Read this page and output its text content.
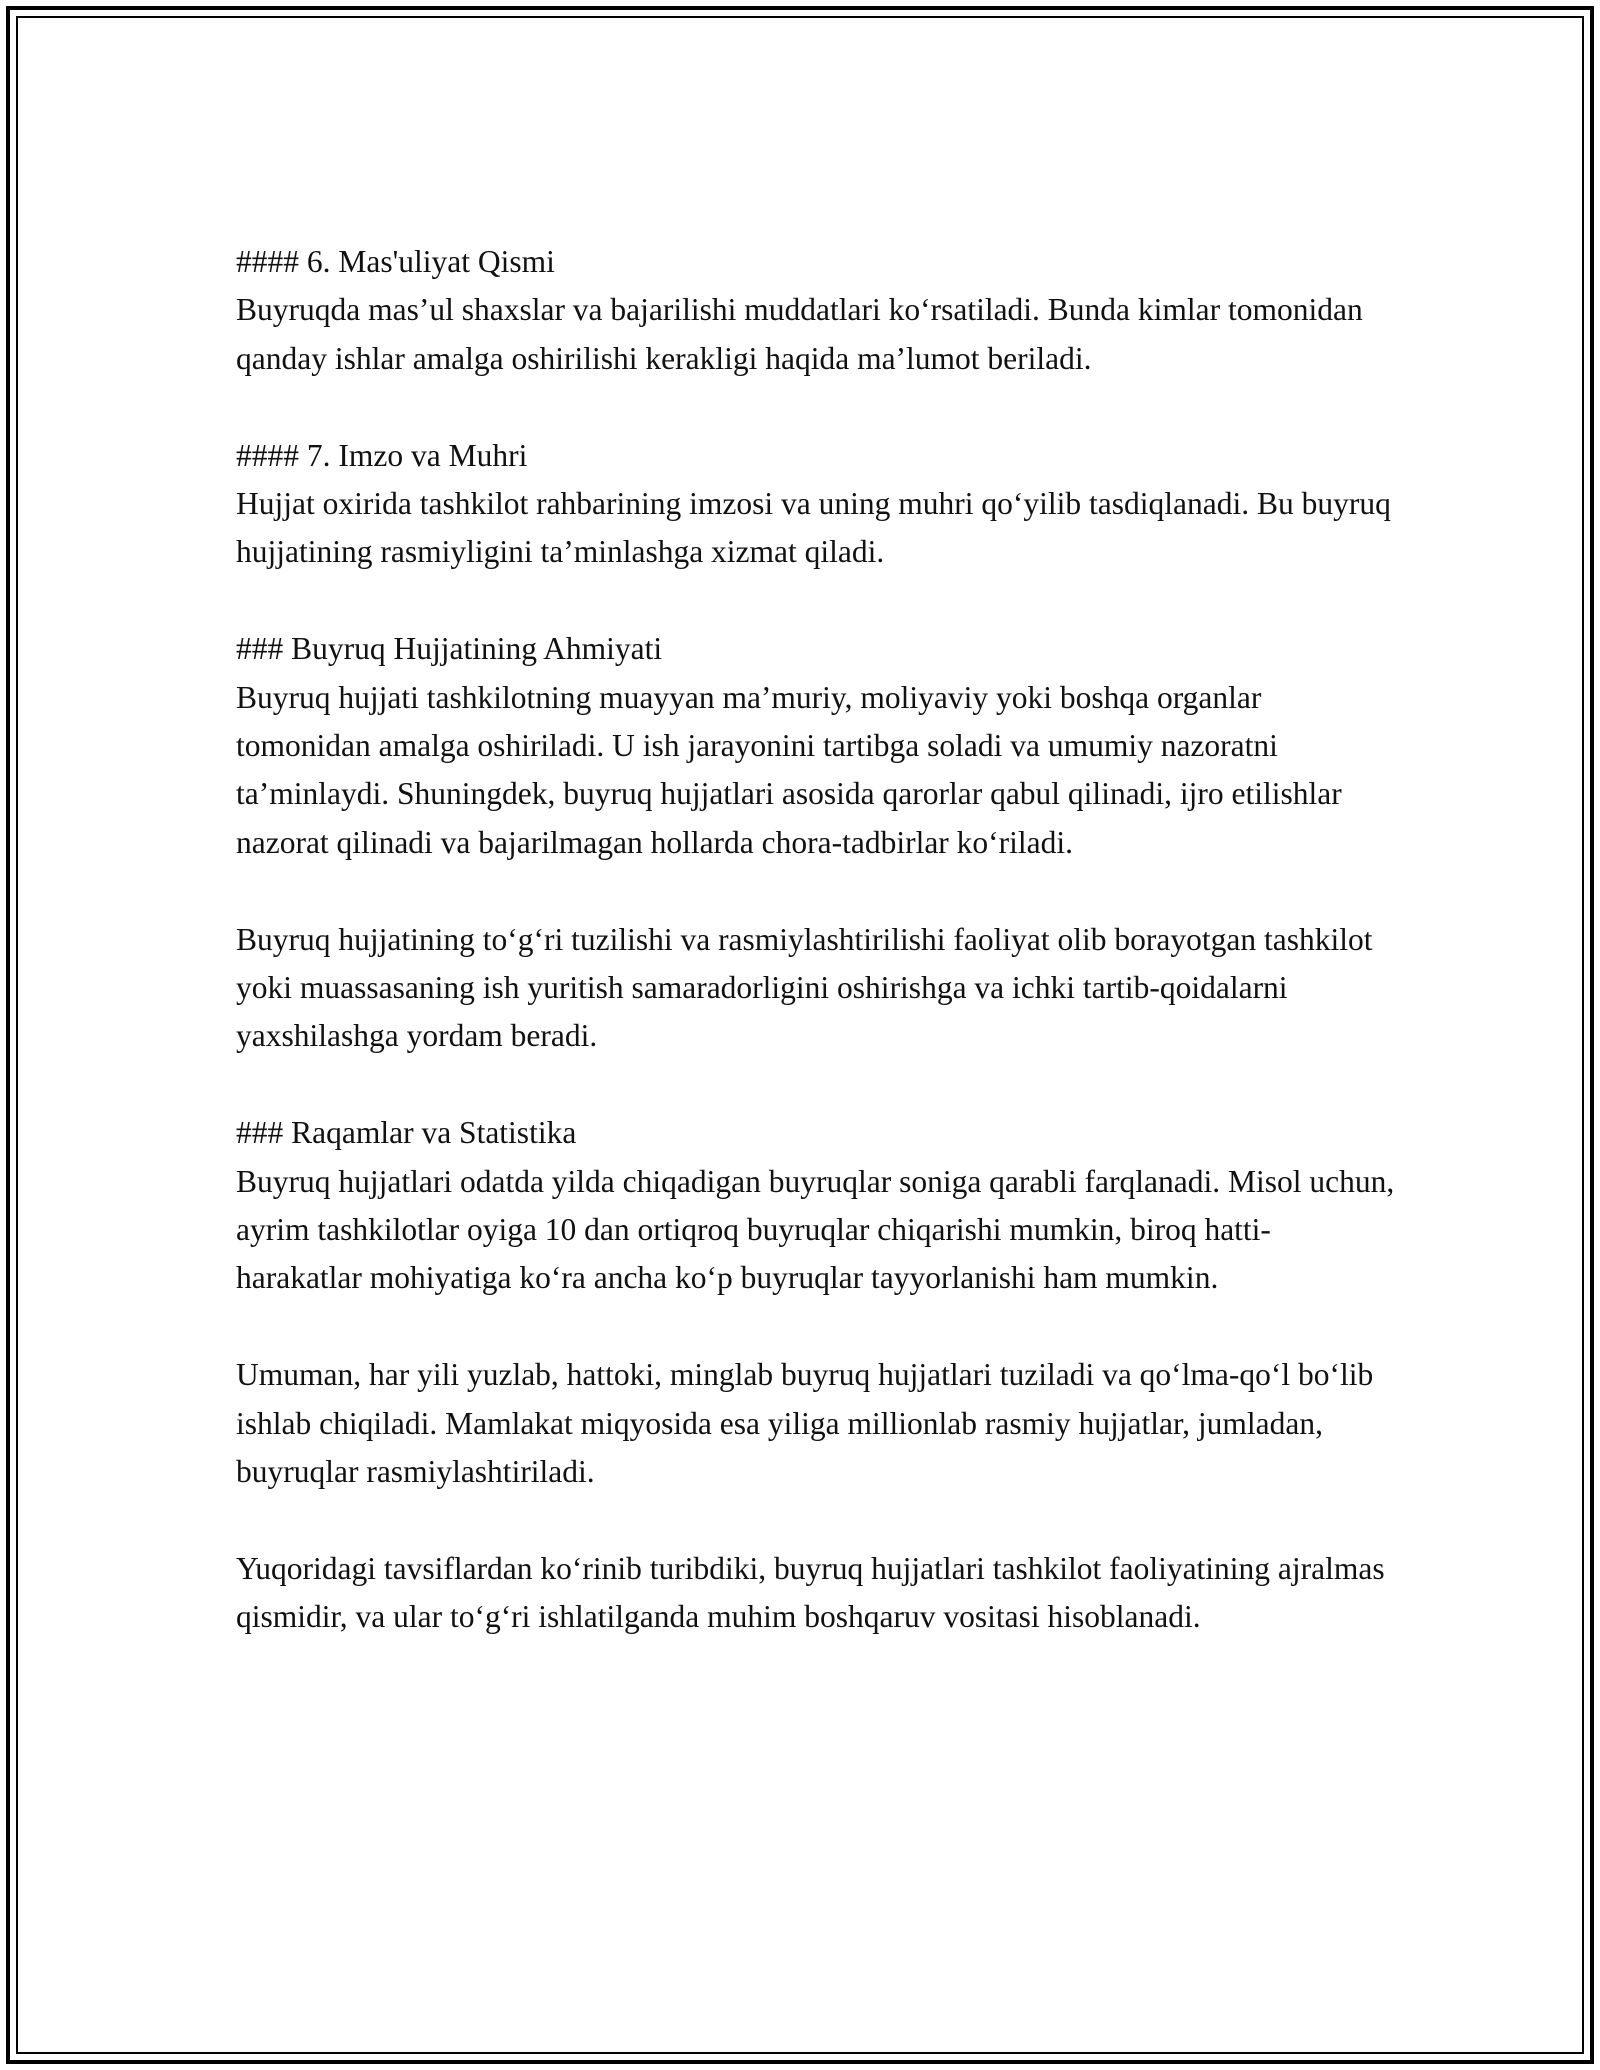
#### 6. Mas'uliyat Qismi
Buyruqda mas’ul shaxslar va bajarilishi muddatlari ko‘rsatiladi. Bunda kimlar tomonidan qanday ishlar amalga oshirilishi kerakligi haqida ma’lumot beriladi.
#### 7. Imzo va Muhri
Hujjat oxirida tashkilot rahbarining imzosi va uning muhri qo‘yilib tasdiqlanadi. Bu buyruq hujjatining rasmiyligini ta’minlashga xizmat qiladi.
### Buyruq Hujjatining Ahmiyati
Buyruq hujjati tashkilotning muayyan ma’muriy, moliyaviy yoki boshqa organlar tomonidan amalga oshiriladi. U ish jarayonini tartibga soladi va umumiy nazoratni ta’minlaydi. Shuningdek, buyruq hujjatlari asosida qarorlar qabul qilinadi, ijro etilishlar nazorat qilinadi va bajarilmagan hollarda chora-tadbirlar ko‘riladi.
Buyruq hujjatining to‘g‘ri tuzilishi va rasmiylashtirilishi faoliyat olib borayotgan tashkilot yoki muassasaning ish yuritish samaradorligini oshirishga va ichki tartib-qoidalarni yaxshilashga yordam beradi.
### Raqamlar va Statistika
Buyruq hujjatlari odatda yilda chiqadigan buyruqlar soniga qarabli farqlanadi. Misol uchun, ayrim tashkilotlar oyiga 10 dan ortiqroq buyruqlar chiqarishi mumkin, biroq hatti-harakatlar mohiyatiga ko‘ra ancha ko‘p buyruqlar tayyorlanishi ham mumkin.
Umuman, har yili yuzlab, hattoki, minglab buyruq hujjatlari tuziladi va qo‘lma-qo‘l bo‘lib ishlab chiqiladi. Mamlakat miqyosida esa yiliga millionlab rasmiy hujjatlar, jumladan, buyruqlar rasmiylashtiriladi.
Yuqoridagi tavsiflardan ko‘rinib turibdiki, buyruq hujjatlari tashkilot faoliyatining ajralmas qismidir, va ular to‘g‘ri ishlatilganda muhim boshqaruv vositasi hisoblanadi.
